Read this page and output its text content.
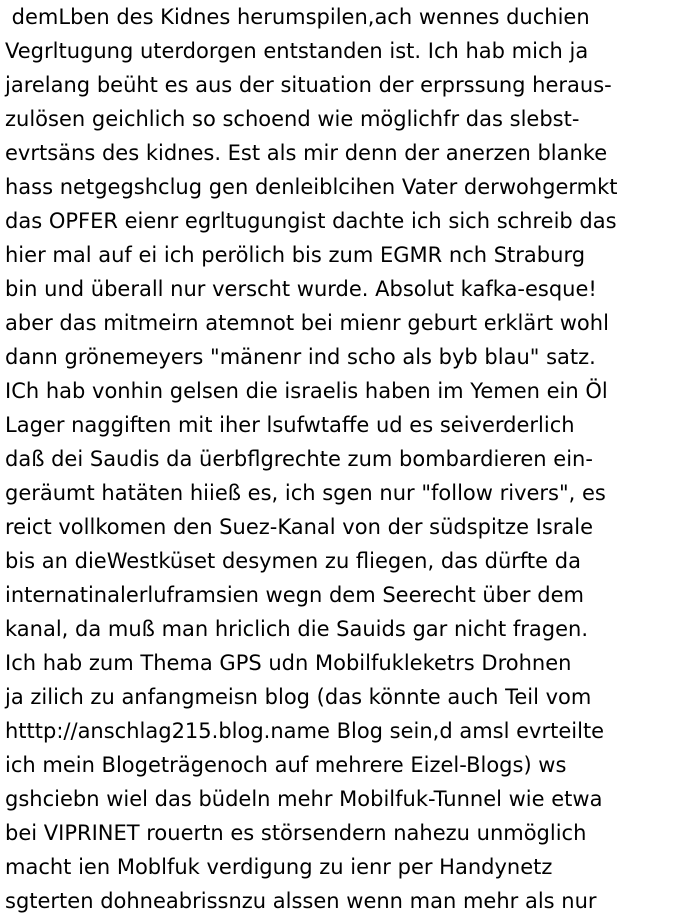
demLben des Kidnes herumspilen,ach wennes duchien
Vegrltugung uterdorgen entstanden ist. Ich hab mich ja
jarelang beüht es aus der situation der erprssung heraus-
zulösen geichlich so schoend wie möglichfr das slebst-
evrtsäns des kidnes. Est als mir denn der anerzen blanke
hass netgegshclug gen denleiblcihen Vater derwohgermkt
das OPFER eienr egrltugungist dachte ich sich schreib das
hier mal auf ei ich perölich bis zum EGMR nch Straburg
bin und überall nur verscht wurde. Absolut kafka-esque!
aber das mitmeirn atemnot bei mienr geburt erklärt wohl
dann grönemeyers "mänenr ind scho als byb blau" satz.
ICh hab vonhin gelsen die israelis haben im Yemen ein Öl
Lager naggiften mit iher lsufwtaffe ud es seiverderlich
daß dei Saudis da üerbflgrechte zum bombardieren ein-
geräumt hatäten hiieß es, ich sgen nur "follow rivers", es
reict vollkomen den Suez-Kanal von der südspitze Israle
bis an dieWestküset desymen zu fliegen, das dürfte da
internatinalerluframsien wegn dem Seerecht über dem
kanal, da muß man hriclich die Sauids gar nicht fragen.
Ich hab zum Thema GPS udn Mobilfukleketrs Drohnen
ja zilich zu anfangmeisn blog (das könnte auch Teil vom
htttp://anschlag215.blog.name Blog sein,d amsl evrteilte
ich mein Blogeträgenoch auf mehrere Eizel-Blogs) ws
gshciebn wiel das büdeln mehr Mobilfuk-Tunnel wie etwa
bei VIPRINET rouertn es störsendern nahezu unmöglich
macht ien Moblfuk verdigung zu ienr per Handynetz
sgterten dohneabrissnzu alssen wenn man mehr als nur
